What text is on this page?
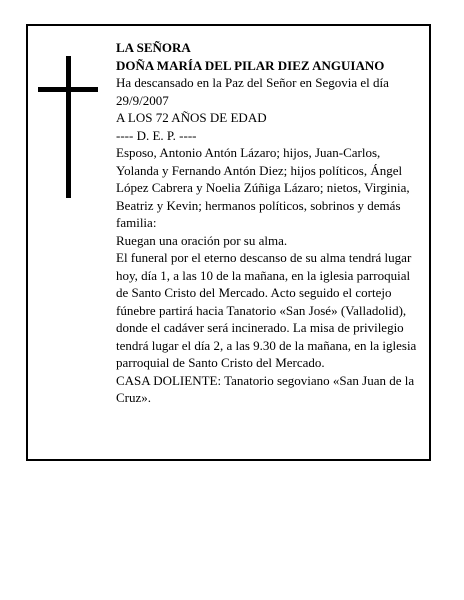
LA SEÑORA

DOÑA MARÍA DEL PILAR DIEZ ANGUIANO

Ha descansado en la Paz del Señor en Segovia el día 29/9/2007

A LOS 72 AÑOS DE EDAD

---- D. E. P. ----

Esposo, Antonio Antón Lázaro; hijos, Juan-Carlos, Yolanda y Fernando Antón Diez; hijos políticos, Ángel López Cabrera y Noelia Zúñiga Lázaro; nietos, Virginia, Beatriz y Kevin; hermanos políticos, sobrinos y demás familia:

Ruegan una oración por su alma.

El funeral por el eterno descanso de su alma tendrá lugar hoy, día 1, a las 10 de la mañana, en la iglesia parroquial de Santo Cristo del Mercado. Acto seguido el cortejo fúnebre partirá hacia Tanatorio «San José» (Valladolid), donde el cadáver será incinerado. La misa de privilegio tendrá lugar el día 2, a las 9.30 de la mañana, en la iglesia parroquial de Santo Cristo del Mercado.

CASA DOLIENTE: Tanatorio segoviano «San Juan de la Cruz».
